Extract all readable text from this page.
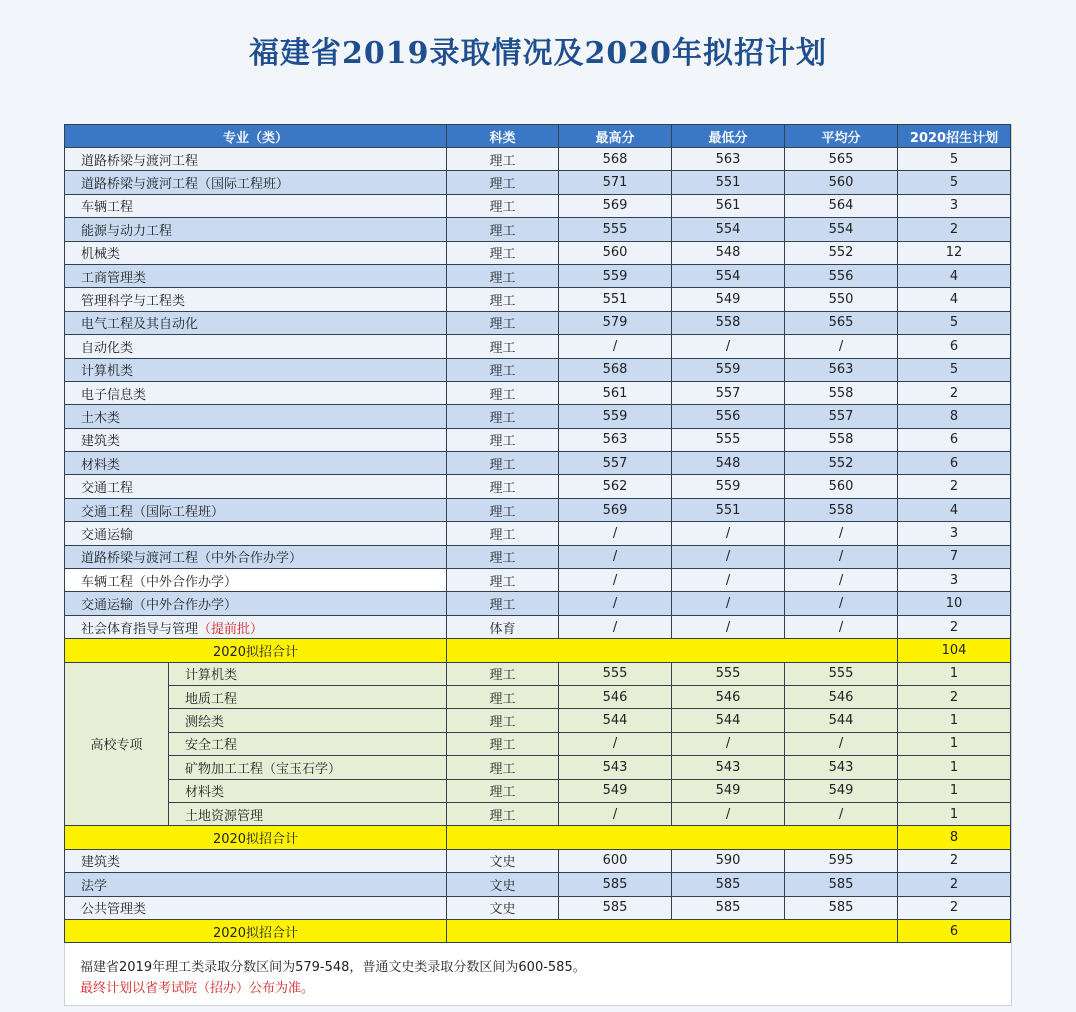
福建省2019录取情况及2020年拟招计划
专业（类）		科类	最高分	最低分	平均分	2020招生计划
道路桥梁与渡河工程		理工	568	563	565	5
道路桥梁与渡河工程（国际工程班）		理工	571	551	560	5
车辆工程		理工	569	561	564	3
能源与动力工程		理工	555	554	554	2
机械类		理工	560	548	552	12
工商管理类		理工	559	554	556	4
管理科学与工程类		理工	551	549	550	4
电气工程及其自动化		理工	579	558	565	5
自动化类		理工	/	/	/	6
计算机类		理工	568	559	563	5
电子信息类		理工	561	557	558	2
土木类		理工	559	556	557	8
建筑类		理工	563	555	558	6
材料类		理工	557	548	552	6
交通工程		理工	562	559	560	2
交通工程（国际工程班）		理工	569	551	558	4
交通运输		理工	/	/	/	3
道路桥梁与渡河工程（中外合作办学）		理工	/	/	/	7
车辆工程（中外合作办学）		理工	/	/	/	3
交通运输（中外合作办学）		理工	/	/	/	10
社会体育指导与管理（提前批）		体育	/	/	/	2
2020拟招合计						104
高校专项	计算机类	理工	555	555	555	1
	地质工程	理工	546	546	546	2
	测绘类	理工	544	544	544	1
	安全工程	理工	/	/	/	1
	矿物加工工程（宝玉石学）	理工	543	543	543	1
	材料类	理工	549	549	549	1
	土地资源管理	理工	/	/	/	1
2020拟招合计						8
建筑类		文史	600	590	595	2
法学		文史	585	585	585	2
公共管理类		文史	585	585	585	2
2020拟招合计						6
福建省2019年理工类录取分数区间为579-548，普通文史类录取分数区间为600-585。
最终计划以省考试院（招办）公布为准。
